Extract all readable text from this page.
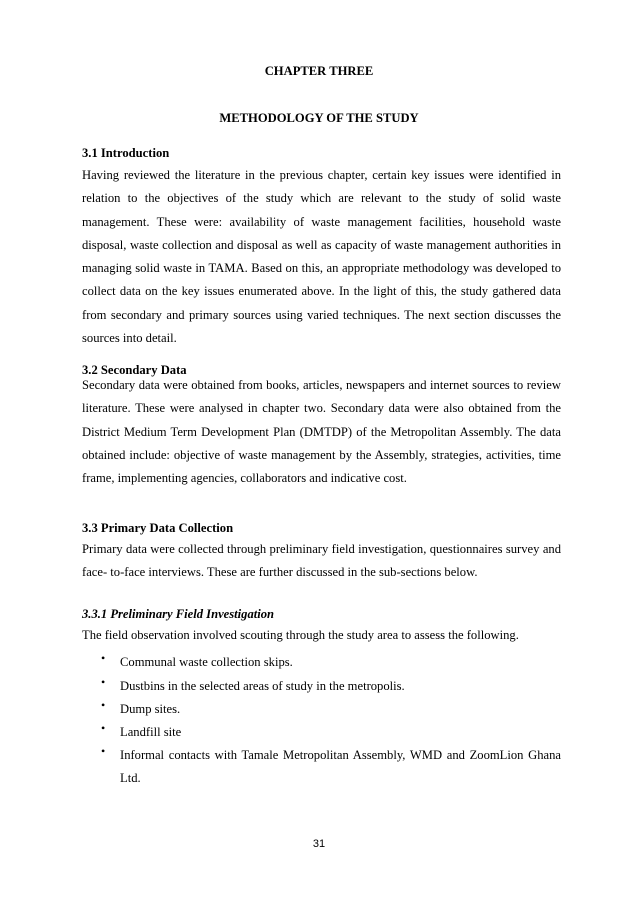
CHAPTER THREE
METHODOLOGY OF THE STUDY
3.1 Introduction
Having reviewed the literature in the previous chapter, certain key issues were identified in relation to the objectives of the study which are relevant to the study of solid waste management. These were: availability of waste management facilities, household waste disposal, waste collection and disposal as well as capacity of waste management authorities in managing solid waste in TAMA. Based on this, an appropriate methodology was developed to collect data on the key issues enumerated above. In the light of this, the study gathered data from secondary and primary sources using varied techniques. The next section discusses the sources into detail.
3.2 Secondary Data
Secondary data were obtained from books, articles, newspapers and internet sources to review literature. These were analysed in chapter two. Secondary data were also obtained from the District Medium Term Development Plan (DMTDP) of the Metropolitan Assembly. The data obtained include: objective of waste management by the Assembly, strategies, activities, time frame, implementing agencies, collaborators and indicative cost.
3.3 Primary Data Collection
Primary data were collected through preliminary field investigation, questionnaires survey and face- to-face interviews. These are further discussed in the sub-sections below.
3.3.1 Preliminary Field Investigation
The field observation involved scouting through the study area to assess the following.
• Communal waste collection skips.
• Dustbins in the selected areas of study in the metropolis.
• Dump sites.
• Landfill site
• Informal contacts with Tamale Metropolitan Assembly, WMD and ZoomLion Ghana Ltd.
31
